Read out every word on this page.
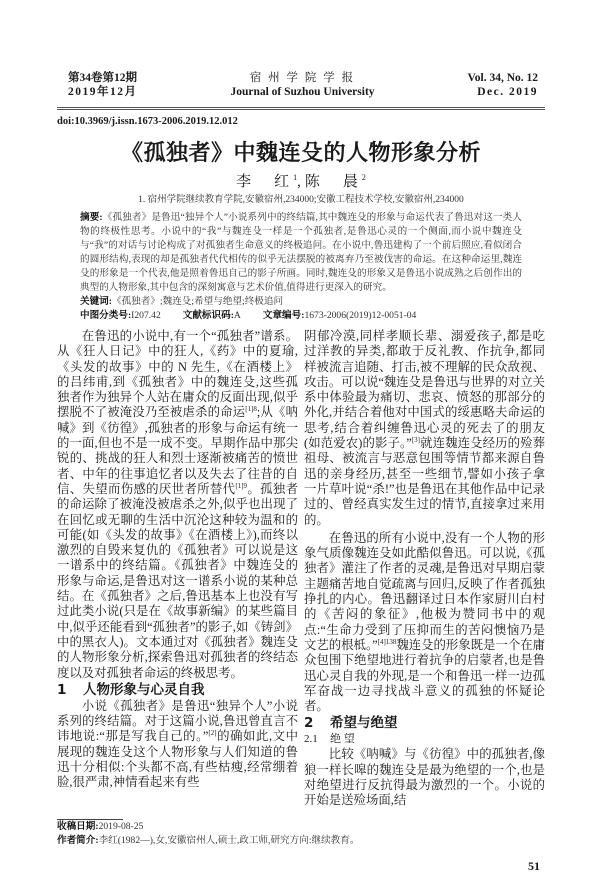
第34卷第12期
2019年12月
宿 州 学 院 学 报
Journal of Suzhou University
Vol. 34, No. 12
Dec. 2019
doi:10.3969/j.issn.1673-2006.2019.12.012
《孤独者》中魏连殳的人物形象分析
李　红$^1$,陈　晨$^2$
1. 宿州学院继续教育学院,安徽宿州,234000;安徽工程技术学校,安徽宿州,234000
摘要:《孤独者》是鲁迅“独异个人”小说系列中的终结篇,其中魏连殳的形象与命运代表了鲁迅对这一类人物的终极性思考。小说中的“我”与魏连殳一样是一个孤独者,是鲁迅心灵的一个侧面,而小说中魏连殳与“我”的对话与讨论构成了对孤独者生命意义的终极追问。在小说中,鲁迅建构了一个前后照应,看似闭合的圆形结构,表现的却是孤独者代代相传的似乎无法摆脱的被离弃乃至被伐害的命运。在这种命运里,魏连殳的形象是一个代表,他是照着鲁迅自己的影子所画。同时,魏连殳的形象又是鲁迅小说成熟之后创作出的典型的人物形象,其中包含的深刻寓意与艺术价值,值得进行更深入的研究。
关键词:《孤独者》;魏连殳;希望与绝望;终极追问
中图分类号:I207.42 文献标识码:A 文章编号:1673-2006(2019)12-0051-04

在鲁迅的小说中,有一个“孤独者”谱系。从《狂人日记》中的狂人,《药》中的夏瑜,《头发的故事》中的 N 先生,《在酒楼上》的吕纬甫,到《孤独者》中的魏连殳,这些孤独者作为独异个人站在庸众的反面出现,似乎摆脱不了被淹没乃至被虐杀的命运$^{[1]8}$;从《呐喊》到《彷徨》,孤独者的形象与命运有统一的一面,但也不是一成不变。早期作品中那尖锐的、挑战的狂人和烈士逐渐被痛苦的愤世者、中年的往事追忆者以及失去了往昔的自信、失望而伤感的厌世者所替代$^{[1]9}$。孤独者的命运除了被淹没被虐杀之外,似乎也出现了在回忆或无聊的生活中沉沦这种较为温和的可能(如《头发的故事》《在酒楼上》),而终以激烈的自毁来复仇的《孤独者》可以说是这一谱系中的终结篇。《孤独者》中魏连殳的形象与命运,是鲁迅对这一谱系小说的某种总结。在《孤独者》之后,鲁迅基本上也没有写过此类小说(只是在《故事新编》的某些篇目中,似乎还能看到“孤独者”的影子,如《铸剑》中的黑衣人)。文本通过对《孤独者》魏连殳的人物形象分析,探索鲁迅对孤独者的终结态度以及对孤独者命运的终极思考。

1 人物形象与心灵自我

小说《孤独者》是鲁迅“独异个人”小说系列的终结篇。对于这篇小说,鲁迅曾直言不讳地说:“那是写我自己的。”[2]的确如此,文中展现的魏连殳这个人物形象与人们知道的鲁迅十分相似:个头都不高,有些枯瘦,经常绷着脸,很严肃,神情看起来有些

阴郁冷漠,同样孝顺长辈、溺爱孩子,都是吃过洋教的异类,都敢于反礼教、作抗争,都同样被流言追随、打击,被不理解的民众敌视、攻击。可以说“魏连殳是鲁迅与世界的对立关系中体验最为痛切、悲哀、愤怒的那部分的外化,并结合着他对中国式的绥惠略夫命运的思考,结合着纠缠鲁迅心灵的死去了的朋友(如范爱农)的影子。”[3]就连魏连殳经历的殓葬祖母、被流言与恶意包围等情节都来源自鲁迅的亲身经历,甚至一些细节,譬如小孩子拿一片草叶说“杀!”也是鲁迅在其他作品中记录过的、曾经真实发生过的情节,直接拿过来用的。

在鲁迅的所有小说中,没有一个人物的形象气质像魏连殳如此酷似鲁迅。可以说,《孤独者》灌注了作者的灵魂,是鲁迅对早期启蒙主题痛苦地自觉疏离与回归,反映了作者孤独挣扎的内心。鲁迅翻译过日本作家厨川白村的《苦闷的象征》,他极为赞同书中的观点:“生命力受到了压抑而生的苦闷懊恼乃是文艺的根柢。”$^{[4]138}$魏连殳的形象既是一个在庸众包围下绝望地进行着抗争的启蒙者,也是鲁迅心灵自我的外现,是一个和鲁迅一样一边孤军奋战一边寻找战斗意义的孤独的怀疑论者。

2 希望与绝望

2.1 绝 望

比较《呐喊》与《彷徨》中的孤独者,像狼一样长嗥的魏连殳是最为绝望的一个,也是对绝望进行反抗得最为激烈的一个。小说的开始是送殓场面,结

收稿日期:2019-08-25
作者简介:李红(1982—),女,安徽宿州人,硕士,政工师,研究方向:继续教育。
51
